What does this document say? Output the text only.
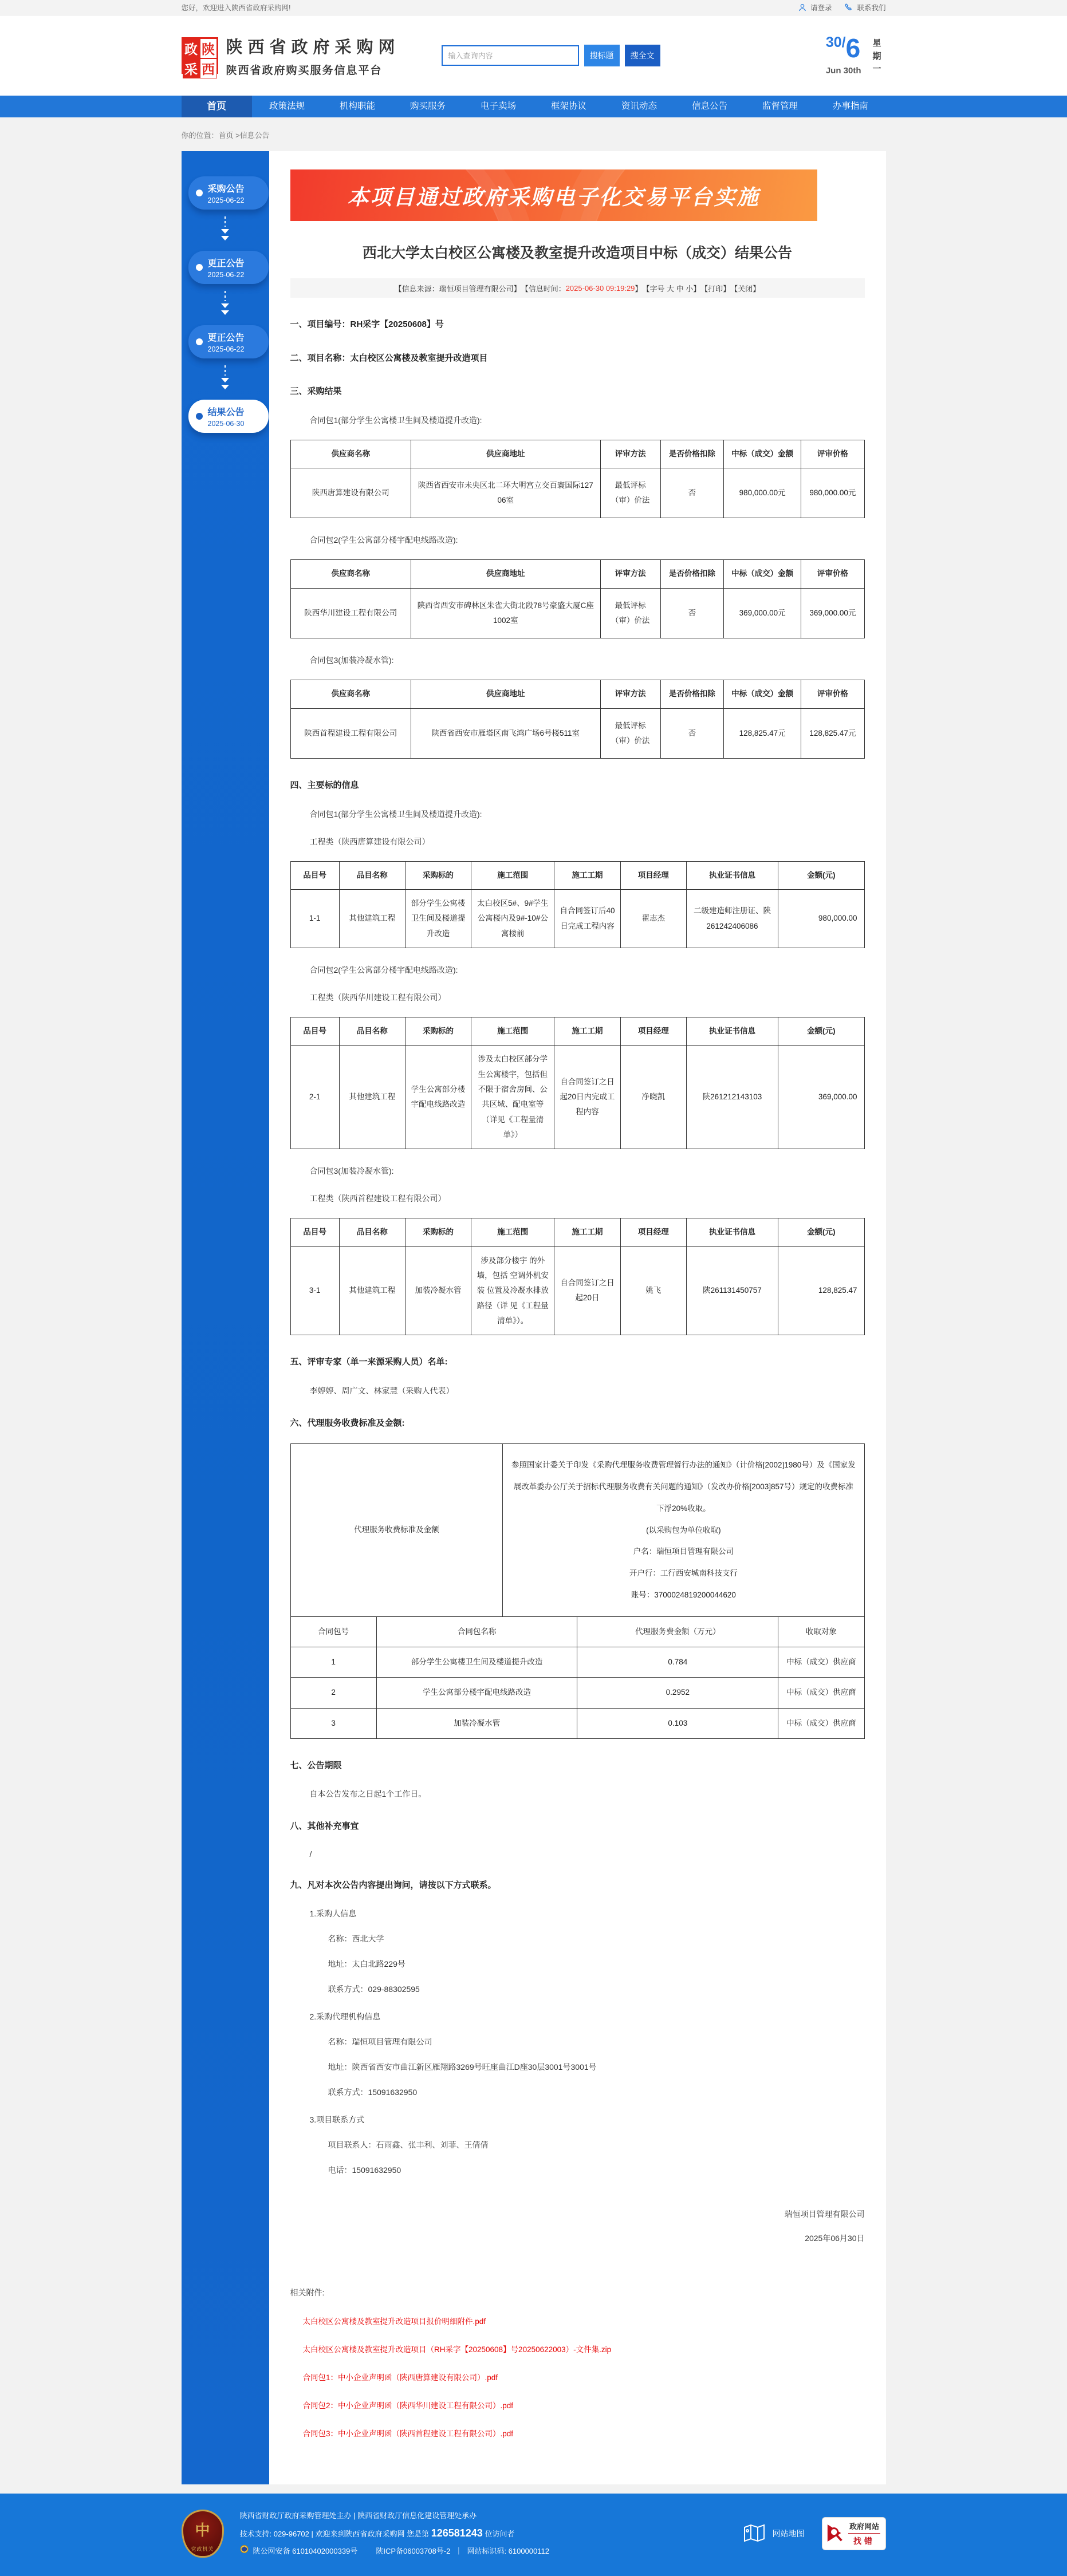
您好，欢迎进入陕西省政府采购网!	请登录	联系我们
政 陕
采 西
陕西省政府采购网
陕西省政府购买服务信息平台
输入查询内容
搜标题	搜全文
30/6
Jun 30th
星期一
首页	政策法规	机构职能	购买服务	电子卖场	框架协议	资讯动态	信息公告	监督管理	办事指南
你的位置：首页 >信息公告
采购公告
2025-06-22
更正公告
2025-06-22
更正公告
2025-06-22
结果公告
2025-06-30
本项目通过政府采购电子化交易平台实施
西北大学太白校区公寓楼及教室提升改造项目中标（成交）结果公告
【信息来源：瑞恒项目管理有限公司】 【信息时间： 2025-06-30 09:19:29 】 【字号 大 中 小】 【打印】 【关闭】
一、项目编号：RH采字【20250608】号
二、项目名称：太白校区公寓楼及教室提升改造项目
三、采购结果
合同包1(部分学生公寓楼卫生间及楼道提升改造):
供应商名称	供应商地址	评审方法	是否价格扣除	中标（成交）金额	评审价格
陕西唐算建设有限公司	陕西省西安市未央区北二环大明宫立交百寰国际12706室	最低评标（审）价法	否	980,000.00元	980,000.00元
合同包2(学生公寓部分楼宇配电线路改造):
供应商名称	供应商地址	评审方法	是否价格扣除	中标（成交）金额	评审价格
陕西华川建设工程有限公司	陕西省西安市碑林区朱雀大街北段78号豪盛大厦C座1002室	最低评标（审）价法	否	369,000.00元	369,000.00元
合同包3(加装冷凝水管):
供应商名称	供应商地址	评审方法	是否价格扣除	中标（成交）金额	评审价格
陕西首程建设工程有限公司	陕西省西安市雁塔区南飞鸿广场6号楼511室	最低评标（审）价法	否	128,825.47元	128,825.47元
四、主要标的信息
合同包1(部分学生公寓楼卫生间及楼道提升改造):
工程类（陕西唐算建设有限公司）
品目号	品目名称	采购标的	施工范围	施工工期	项目经理	执业证书信息	金额(元)
1-1	其他建筑工程	部分学生公寓楼卫生间及楼道提升改造	太白校区5#、9#学生公寓楼内及9#-10#公寓楼前	自合同签订后40日完成工程内容	翟志杰	二级建造师注册证、陕261242406086	980,000.00
合同包2(学生公寓部分楼宇配电线路改造):
工程类（陕西华川建设工程有限公司）
品目号	品目名称	采购标的	施工范围	施工工期	项目经理	执业证书信息	金额(元)
2-1	其他建筑工程	学生公寓部分楼宇配电线路改造	涉及太白校区部分学生公寓楼宇，包括但不限于宿舍房间、公共区域、配电室等（详见《工程量清单》）	自合同签订之日起20日内完成工程内容	净晓凯	陕261212143103	369,000.00
合同包3(加装冷凝水管):
工程类（陕西首程建设工程有限公司）
品目号	品目名称	采购标的	施工范围	施工工期	项目经理	执业证书信息	金额(元)
3-1	其他建筑工程	加装冷凝水管	涉及部分楼宇 的外墙，包括 空调外机安装 位置及冷凝水排放路径（详 见《工程量清单》）。	自合同签订之日起20日	姚飞	陕261131450757	128,825.47
五、评审专家（单一来源采购人员）名单:
李婷婷、周广文、林家慧（采购人代表）
六、代理服务收费标准及金额:
代理服务收费标准及金额	
参照国家计委关于印发《采购代理服务收费管理暂行办法的通知》（计价格[2002]1980号）及《国家发展改革委办公厅关于招标代理服务收费有关问题的通知》（发改办价格[2003]857号）规定的收费标准下浮20%收取。
(以采购包为单位收取)
户名：瑞恒项目管理有限公司
开户行：工行西安城南科技支行
账号：3700024819200044620
合同包号	合同包名称	代理服务费金额（万元）	收取对象
1	部分学生公寓楼卫生间及楼道提升改造	0.784	中标（成交）供应商
2	学生公寓部分楼宇配电线路改造	0.2952	中标（成交）供应商
3	加装冷凝水管	0.103	中标（成交）供应商
七、公告期限
自本公告发布之日起1个工作日。
八、其他补充事宜
/
九、凡对本次公告内容提出询问，请按以下方式联系。
1.采购人信息
名称：西北大学
地址：太白北路229号
联系方式：029-88302595
2.采购代理机构信息
名称：瑞恒项目管理有限公司
地址：陕西省西安市曲江新区雁翔路3269号旺座曲江D座30层3001号3001号
联系方式：15091632950
3.项目联系方式
项目联系人：石雨鑫、张丰利、刘菲、王倩倩
电话：15091632950
瑞恒项目管理有限公司
2025年06月30日
相关附件:
太白校区公寓楼及教室提升改造项目报价明细附件.pdf
太白校区公寓楼及教室提升改造项目（RH采字【20250608】号20250622003）-文件集.zip
合同包1：中小企业声明函（陕西唐算建设有限公司）.pdf
合同包2：中小企业声明函（陕西华川建设工程有限公司）.pdf
合同包3：中小企业声明函（陕西首程建设工程有限公司）.pdf
中
党政机关
陕西省财政厅政府采购管理处主办 | 陕西省财政厅信息化建设管理处承办
技术支持: 029-96702 | 欢迎来到陕西省政府采购网 您是第 126581243 位访问者
陕公网安备 61010402000339号 陕ICP备06003708号-2 ｜ 网站标识码: 6100000112
网站地图
政府网站
找错
